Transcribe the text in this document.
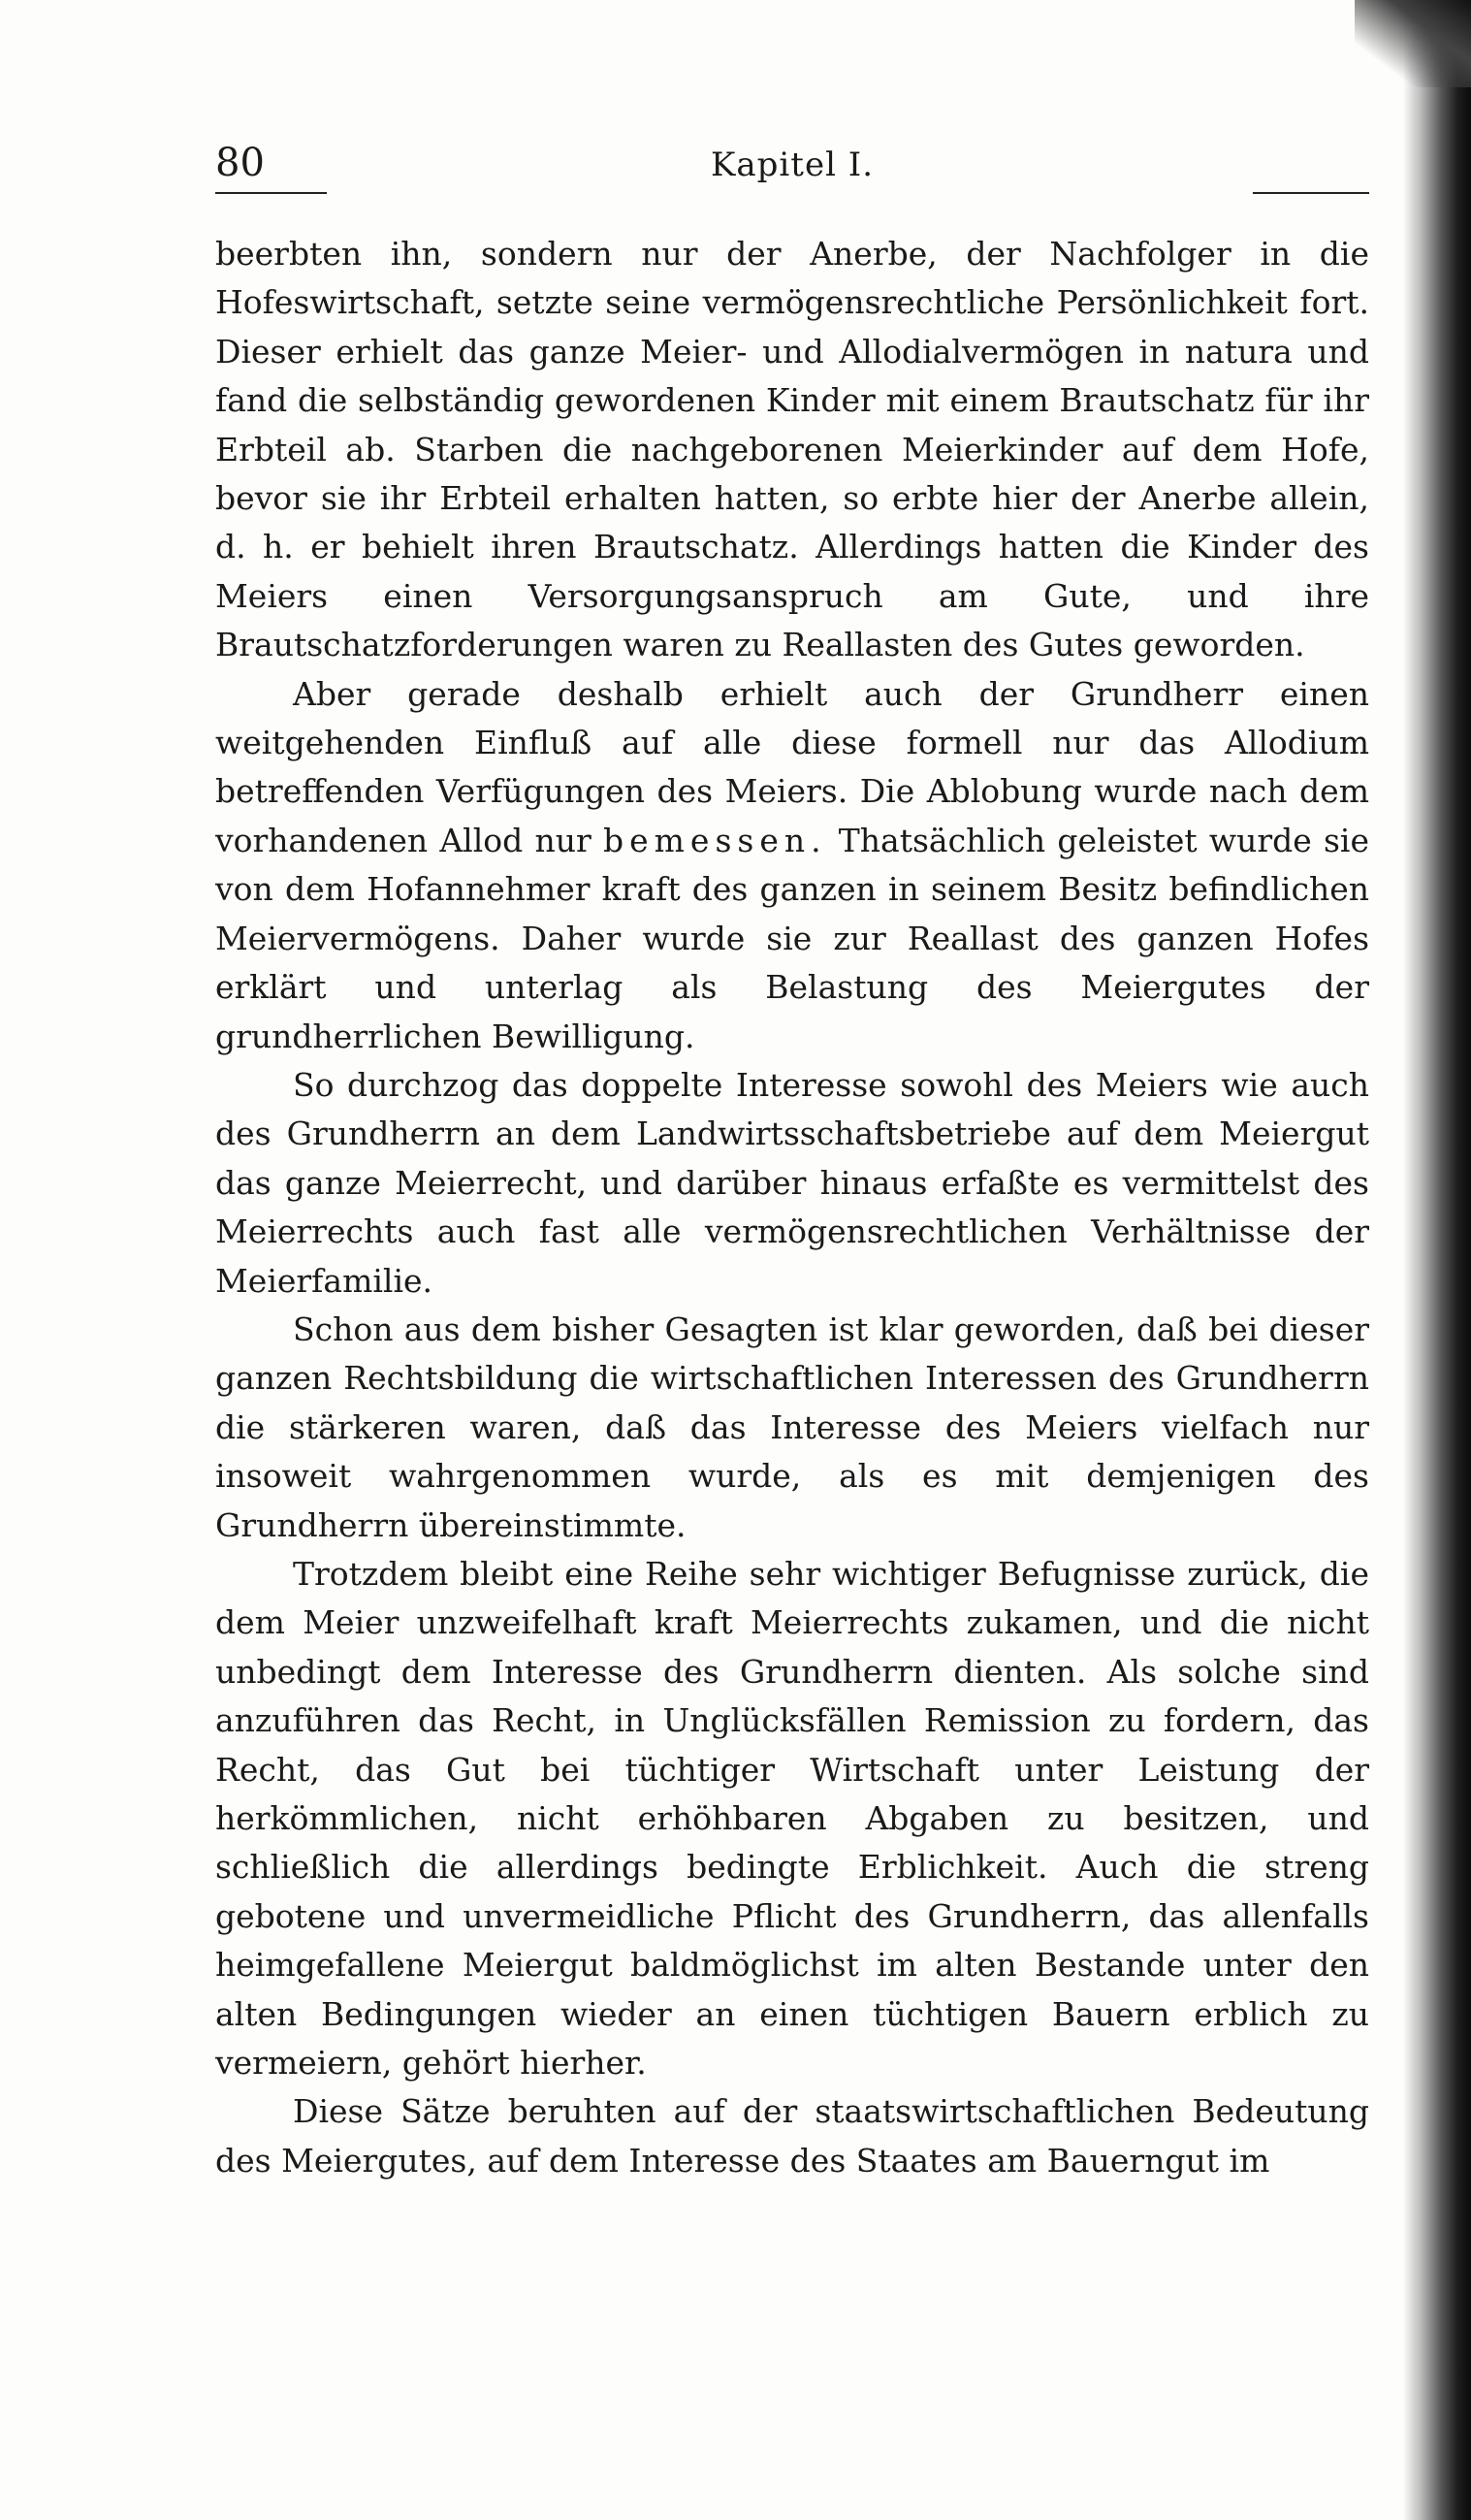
80	Kapitel I.

beerbten ihn, sondern nur der Anerbe, der Nachfolger in die Hofeswirtschaft, setzte seine vermögensrechtliche Persönlichkeit fort. Dieser erhielt das ganze Meier- und Allodialvermögen in natura und fand die selbständig gewordenen Kinder mit einem Brautschatz für ihr Erbteil ab. Starben die nachgeborenen Meierkinder auf dem Hofe, bevor sie ihr Erbteil erhalten hatten, so erbte hier der Anerbe allein, d. h. er behielt ihren Brautschatz. Allerdings hatten die Kinder des Meiers einen Versorgungsanspruch am Gute, und ihre Brautschatzforderungen waren zu Reallasten des Gutes geworden.

Aber gerade deshalb erhielt auch der Grundherr einen weitgehenden Einfluß auf alle diese formell nur das Allodium betreffenden Verfügungen des Meiers. Die Ablobung wurde nach dem vorhandenen Allod nur bemessen. Thatsächlich geleistet wurde sie von dem Hofannehmer kraft des ganzen in seinem Besitz befindlichen Meiervermögens. Daher wurde sie zur Reallast des ganzen Hofes erklärt und unterlag als Belastung des Meiergutes der grundherrlichen Bewilligung.

So durchzog das doppelte Interesse sowohl des Meiers wie auch des Grundherrn an dem Landwirtsschaftsbetriebe auf dem Meiergut das ganze Meierrecht, und darüber hinaus erfaßte es vermittelst des Meierrechts auch fast alle vermögensrechtlichen Verhältnisse der Meierfamilie.

Schon aus dem bisher Gesagten ist klar geworden, daß bei dieser ganzen Rechtsbildung die wirtschaftlichen Interessen des Grundherrn die stärkeren waren, daß das Interesse des Meiers vielfach nur insoweit wahrgenommen wurde, als es mit demjenigen des Grundherrn übereinstimmte.

Trotzdem bleibt eine Reihe sehr wichtiger Befugnisse zurück, die dem Meier unzweifelhaft kraft Meierrechts zukamen, und die nicht unbedingt dem Interesse des Grundherrn dienten. Als solche sind anzuführen das Recht, in Unglücksfällen Remission zu fordern, das Recht, das Gut bei tüchtiger Wirtschaft unter Leistung der herkömmlichen, nicht erhöhbaren Abgaben zu besitzen, und schließlich die allerdings bedingte Erblichkeit. Auch die streng gebotene und unvermeidliche Pflicht des Grundherrn, das allenfalls heimgefallene Meiergut baldmöglichst im alten Bestande unter den alten Bedingungen wieder an einen tüchtigen Bauern erblich zu vermeiern, gehört hierher.

Diese Sätze beruhten auf der staatswirtschaftlichen Bedeutung des Meiergutes, auf dem Interesse des Staates am Bauerngut im
